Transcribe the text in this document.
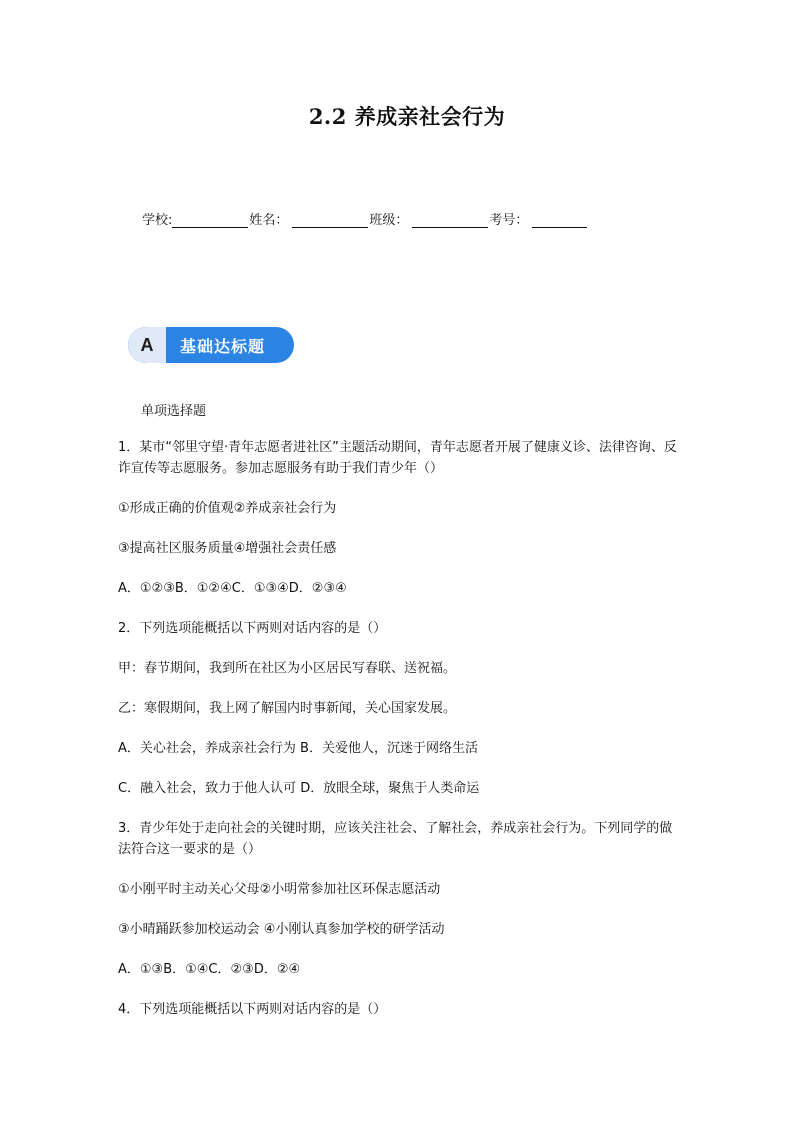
2.2 养成亲社会行为
学校:	姓名：	班级：	考号：
A	基础达标题
单项选择题

1．某市“邻里守望·青年志愿者进社区”主题活动期间，青年志愿者开展了健康义诊、法律咨询、反诈宣传等志愿服务。参加志愿服务有助于我们青少年（）

①形成正确的价值观②养成亲社会行为

③提高社区服务质量④增强社会责任感

A．①②③B．①②④C．①③④D．②③④

2．下列选项能概括以下两则对话内容的是（）

甲：春节期间，我到所在社区为小区居民写春联、送祝福。

乙：寒假期间，我上网了解国内时事新闻，关心国家发展。

A．关心社会，养成亲社会行为 B．关爱他人，沉迷于网络生活

C．融入社会，致力于他人认可 D．放眼全球，聚焦于人类命运

3．青少年处于走向社会的关键时期，应该关注社会、了解社会，养成亲社会行为。下列同学的做法符合这一要求的是（）

①小刚平时主动关心父母②小明常参加社区环保志愿活动

③小晴踊跃参加校运动会 ④小刚认真参加学校的研学活动

A．①③B．①④C．②③D．②④

4．下列选项能概括以下两则对话内容的是（）
